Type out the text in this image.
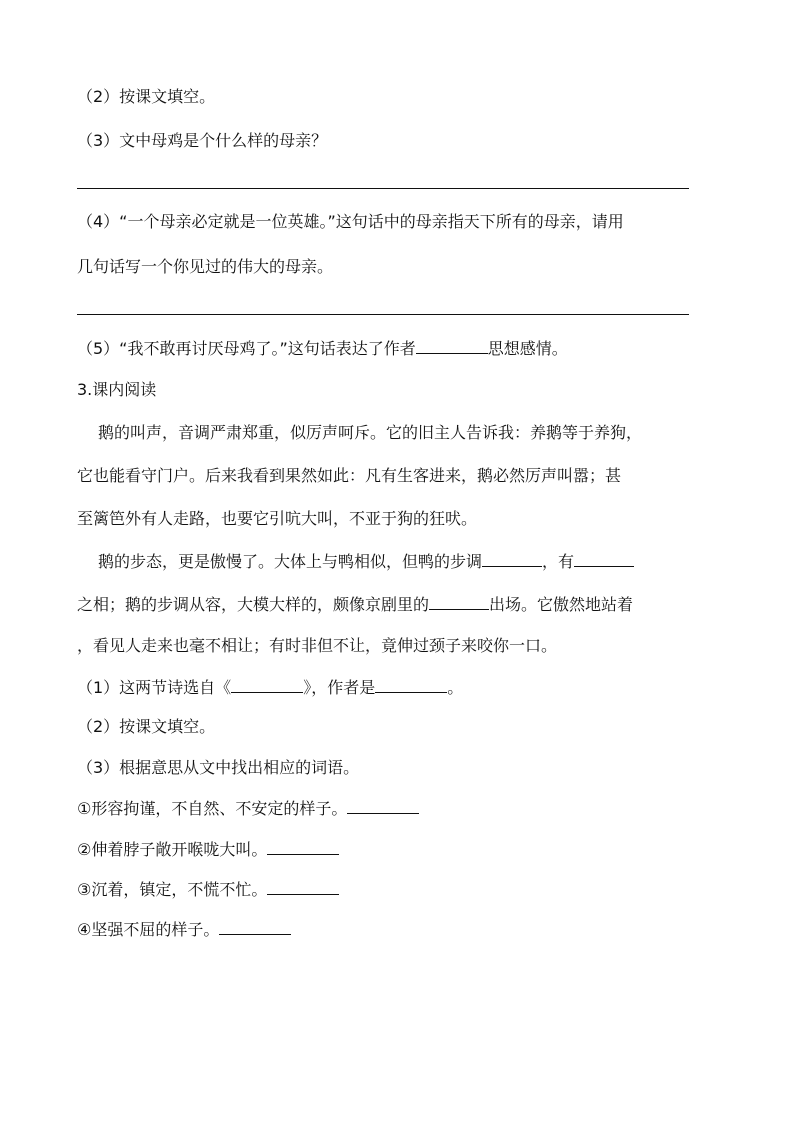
（2）按课文填空。
（3）文中母鸡是个什么样的母亲？
（4）“一个母亲必定就是一位英雄。”这句话中的母亲指天下所有的母亲，请用
几句话写一个你见过的伟大的母亲。
（5）“我不敢再讨厌母鸡了。”这句话表达了作者	思想感情。
3.课内阅读
鹅的叫声，音调严肃郑重，似厉声呵斥。它的旧主人告诉我：养鹅等于养狗，
它也能看守门户。后来我看到果然如此：凡有生客进来，鹅必然厉声叫嚣；甚
至篱笆外有人走路，也要它引吭大叫，不亚于狗的狂吠。
鹅的步态，更是傲慢了。大体上与鸭相似，但鸭的步调	，有
之相；鹅的步调从容，大模大样的，颇像京剧里的	出场。它傲然地站着
，看见人走来也毫不相让；有时非但不让，竟伸过颈子来咬你一口。
（1）这两节诗选自《	》，作者是	。
（2）按课文填空。
（3）根据意思从文中找出相应的词语。
①形容拘谨，不自然、不安定的样子。
②伸着脖子敞开喉咙大叫。
③沉着，镇定，不慌不忙。
④坚强不屈的样子。
